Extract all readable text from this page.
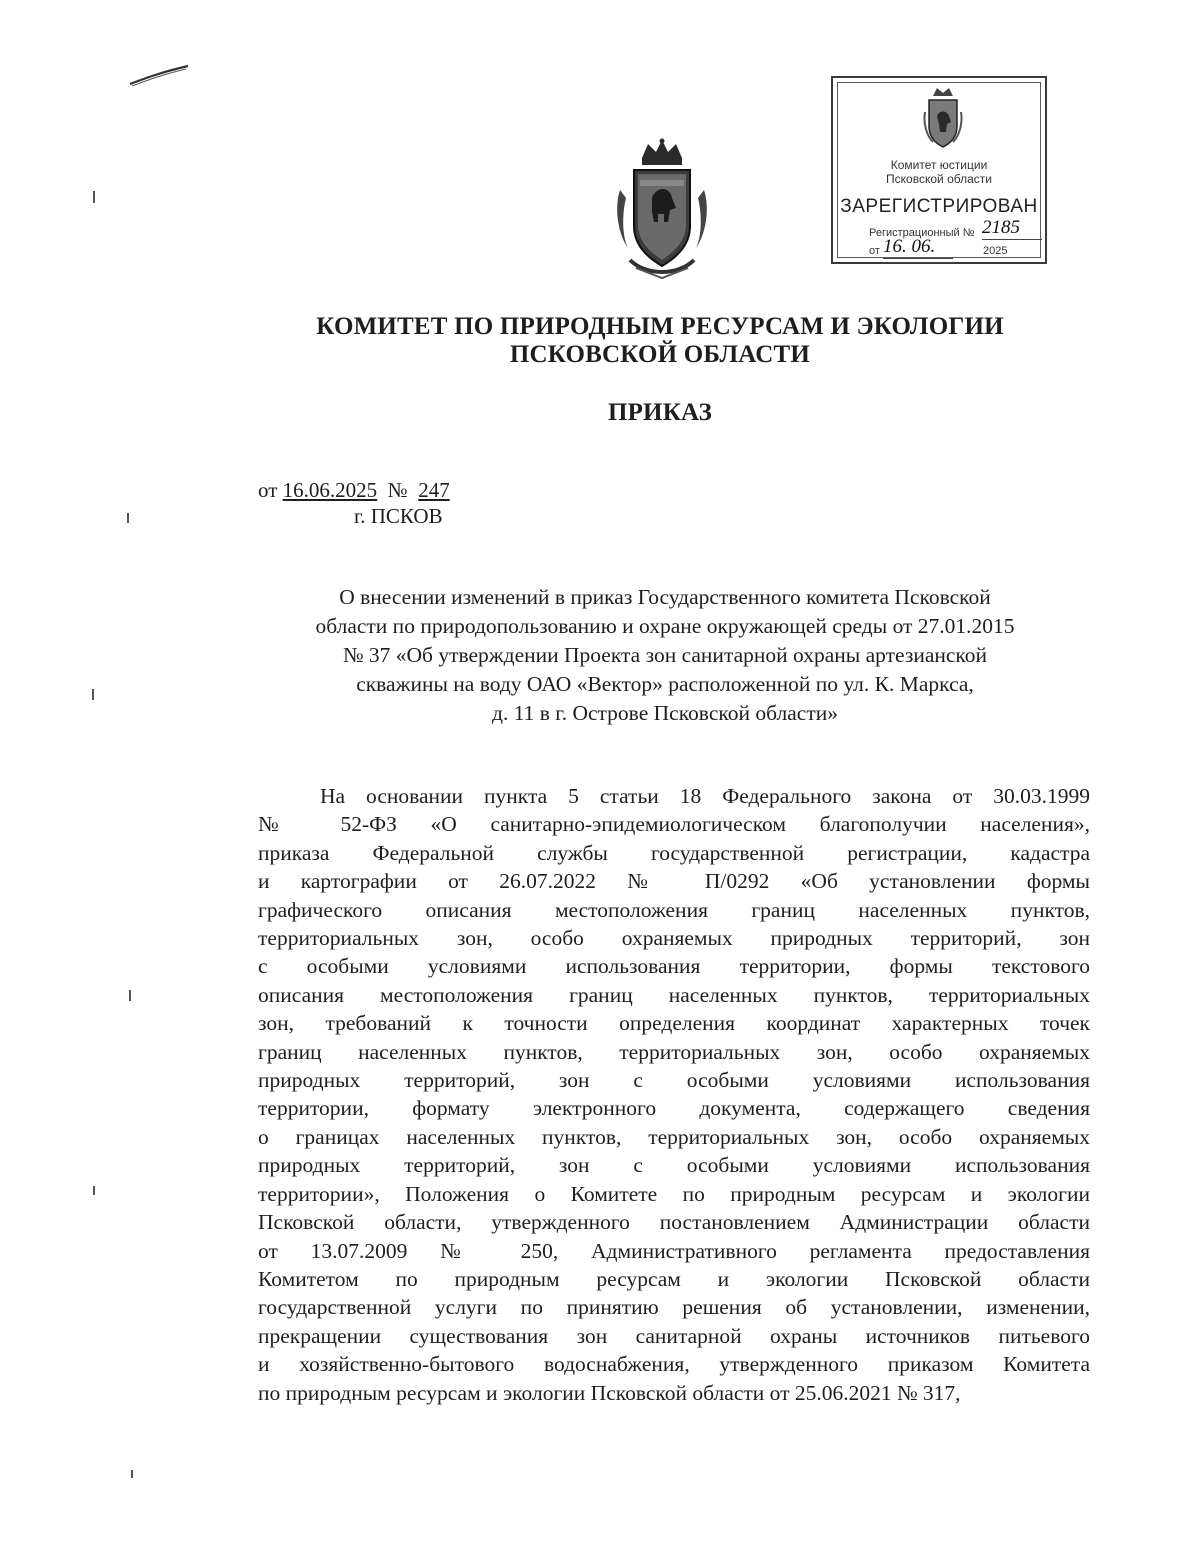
Комитет юстиции
Псковской области
ЗАРЕГИСТРИРОВАН
Регистрационный № 2185
от 16. 06.	2025
КОМИТЕТ ПО ПРИРОДНЫМ РЕСУРСАМ И ЭКОЛОГИИ
ПСКОВСКОЙ ОБЛАСТИ
ПРИКАЗ
от 16.06.2025 № 247
г. ПСКОВ
О внесении изменений в приказ Государственного комитета Псковской
области по природопользованию и охране окружающей среды от 27.01.2015
№ 37 «Об утверждении Проекта зон санитарной охраны артезианской
скважины на воду ОАО «Вектор» расположенной по ул. К. Маркса,
д. 11 в г. Острове Псковской области»
На основании пункта 5 статьи 18 Федерального закона от 30.03.1999
№ 52-ФЗ «О санитарно-эпидемиологическом благополучии населения»,
приказа Федеральной службы государственной регистрации, кадастра
и картографии от 26.07.2022 № П/0292 «Об установлении формы
графического описания местоположения границ населенных пунктов,
территориальных зон, особо охраняемых природных территорий, зон
с особыми условиями использования территории, формы текстового
описания местоположения границ населенных пунктов, территориальных
зон, требований к точности определения координат характерных точек
границ населенных пунктов, территориальных зон, особо охраняемых
природных территорий, зон с особыми условиями использования
территории, формату электронного документа, содержащего сведения
о границах населенных пунктов, территориальных зон, особо охраняемых
природных территорий, зон с особыми условиями использования
территории», Положения о Комитете по природным ресурсам и экологии
Псковской области, утвержденного постановлением Администрации области
от 13.07.2009 № 250, Административного регламента предоставления
Комитетом по природным ресурсам и экологии Псковской области
государственной услуги по принятию решения об установлении, изменении,
прекращении существования зон санитарной охраны источников питьевого
и хозяйственно-бытового водоснабжения, утвержденного приказом Комитета
по природным ресурсам и экологии Псковской области от 25.06.2021 № 317,
